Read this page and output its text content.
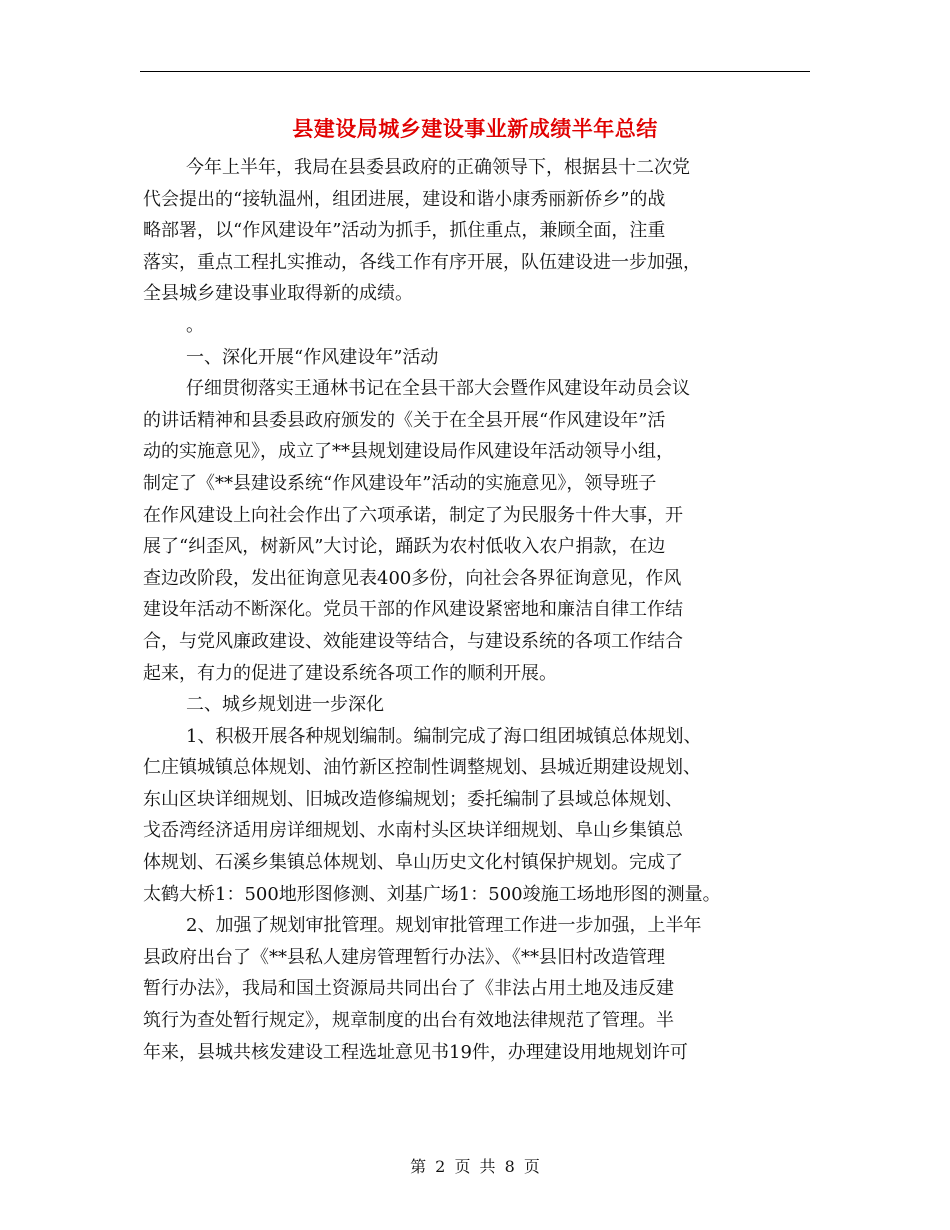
县建设局城乡建设事业新成绩半年总结
今年上半年，我局在县委县政府的正确领导下，根据县十二次党
代会提出的“接轨温州，组团进展，建设和谐小康秀丽新侨乡”的战
略部署，以“作风建设年”活动为抓手，抓住重点，兼顾全面，注重
落实，重点工程扎实推动，各线工作有序开展，队伍建设进一步加强，
全县城乡建设事业取得新的成绩。
。
一、深化开展“作风建设年”活动
仔细贯彻落实王通林书记在全县干部大会暨作风建设年动员会议
的讲话精神和县委县政府颁发的《关于在全县开展“作风建设年”活
动的实施意见》，成立了**县规划建设局作风建设年活动领导小组，
制定了《**县建设系统“作风建设年”活动的实施意见》，领导班子
在作风建设上向社会作出了六项承诺，制定了为民服务十件大事，开
展了“纠歪风，树新风”大讨论，踊跃为农村低收入农户捐款，在边
查边改阶段，发出征询意见表400多份，向社会各界征询意见，作风
建设年活动不断深化。党员干部的作风建设紧密地和廉洁自律工作结
合，与党风廉政建设、效能建设等结合，与建设系统的各项工作结合
起来，有力的促进了建设系统各项工作的顺利开展。
二、城乡规划进一步深化
1、积极开展各种规划编制。编制完成了海口组团城镇总体规划、
仁庄镇城镇总体规划、油竹新区控制性调整规划、县城近期建设规划、
东山区块详细规划、旧城改造修编规划；委托编制了县域总体规划、
戈岙湾经济适用房详细规划、水南村头区块详细规划、阜山乡集镇总
体规划、石溪乡集镇总体规划、阜山历史文化村镇保护规划。完成了
太鹤大桥1：500地形图修测、刘基广场1：500竣施工场地形图的测量。
2、加强了规划审批管理。规划审批管理工作进一步加强，上半年
县政府出台了《**县私人建房管理暂行办法》、《**县旧村改造管理
暂行办法》，我局和国土资源局共同出台了《非法占用土地及违反建
筑行为查处暂行规定》，规章制度的出台有效地法律规范了管理。半
年来，县城共核发建设工程选址意见书19件，办理建设用地规划许可
第 2 页 共 8 页
